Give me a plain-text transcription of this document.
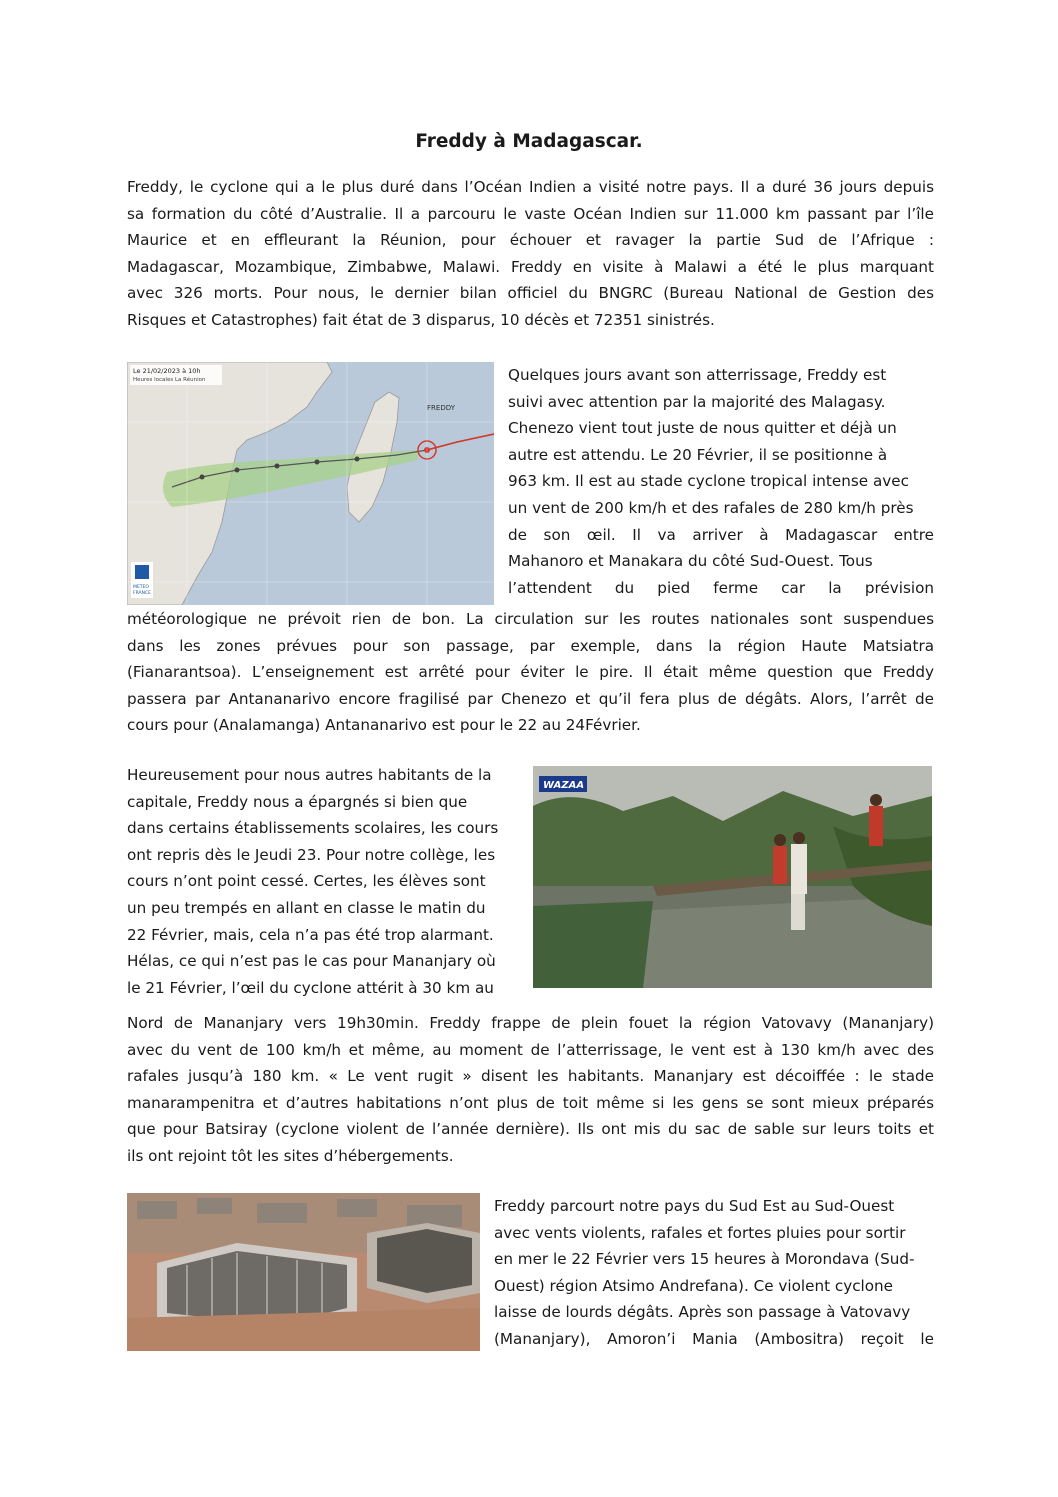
Freddy à Madagascar.
Freddy, le cyclone qui a le plus duré dans l’Océan Indien a visité notre pays. Il a duré 36 jours depuis
sa formation du côté d’Australie. Il a parcouru le vaste Océan Indien sur 11.000 km passant par l’île
Maurice et en effleurant la Réunion, pour échouer et ravager la partie Sud de l’Afrique :
Madagascar, Mozambique, Zimbabwe, Malawi. Freddy en visite à Malawi a été le plus marquant
avec 326 morts. Pour nous, le dernier bilan officiel du BNGRC (Bureau National de Gestion des
Risques et Catastrophes) fait état de 3 disparus, 10 décès et 72351 sinistrés.
Le 21/02/2023 à 10h
Heures locales La Réunion
FREDDY
METEO
FRANCE
Quelques jours avant son atterrissage, Freddy est
suivi avec attention par la majorité des Malagasy.
Chenezo vient tout juste de nous quitter et déjà un
autre est attendu. Le 20 Février, il se positionne à
963 km. Il est au stade cyclone tropical intense avec
un vent de 200 km/h et des rafales de 280 km/h près
de son œil. Il va arriver à Madagascar entre
Mahanoro et Manakara du côté Sud-Ouest. Tous
l’attendent du pied ferme car la prévision
météorologique ne prévoit rien de bon. La circulation sur les routes nationales sont suspendues
dans les zones prévues pour son passage, par exemple, dans la région Haute Matsiatra
(Fianarantsoa). L’enseignement est arrêté pour éviter le pire. Il était même question que Freddy
passera par Antananarivo encore fragilisé par Chenezo et qu’il fera plus de dégâts. Alors, l’arrêt de
cours pour (Analamanga) Antananarivo est pour le 22 au 24Février.
Heureusement pour nous autres habitants de la
capitale, Freddy nous a épargnés si bien que
dans certains établissements scolaires, les cours
ont repris dès le Jeudi 23. Pour notre collège, les
cours n’ont point cessé. Certes, les élèves sont
un peu trempés en allant en classe le matin du
22 Février, mais, cela n’a pas été trop alarmant.
Hélas, ce qui n’est pas le cas pour Mananjary où
le 21 Février, l’œil du cyclone attérit à 30 km au
WAZAA
Nord de Mananjary vers 19h30min. Freddy frappe de plein fouet la région Vatovavy (Mananjary)
avec du vent de 100 km/h et même, au moment de l’atterrissage, le vent est à 130 km/h avec des
rafales jusqu’à 180 km. « Le vent rugit » disent les habitants. Mananjary est décoiffée : le stade
manarampenitra et d’autres habitations n’ont plus de toit même si les gens se sont mieux préparés
que pour Batsiray (cyclone violent de l’année dernière). Ils ont mis du sac de sable sur leurs toits et
ils ont rejoint tôt les sites d’hébergements.
Freddy parcourt notre pays du Sud Est au Sud-Ouest
avec vents violents, rafales et fortes pluies pour sortir
en mer le 22 Février vers 15 heures à Morondava (Sud-
Ouest) région Atsimo Andrefana). Ce violent cyclone
laisse de lourds dégâts. Après son passage à Vatovavy
(Mananjary), Amoron’i Mania (Ambositra) reçoit le
